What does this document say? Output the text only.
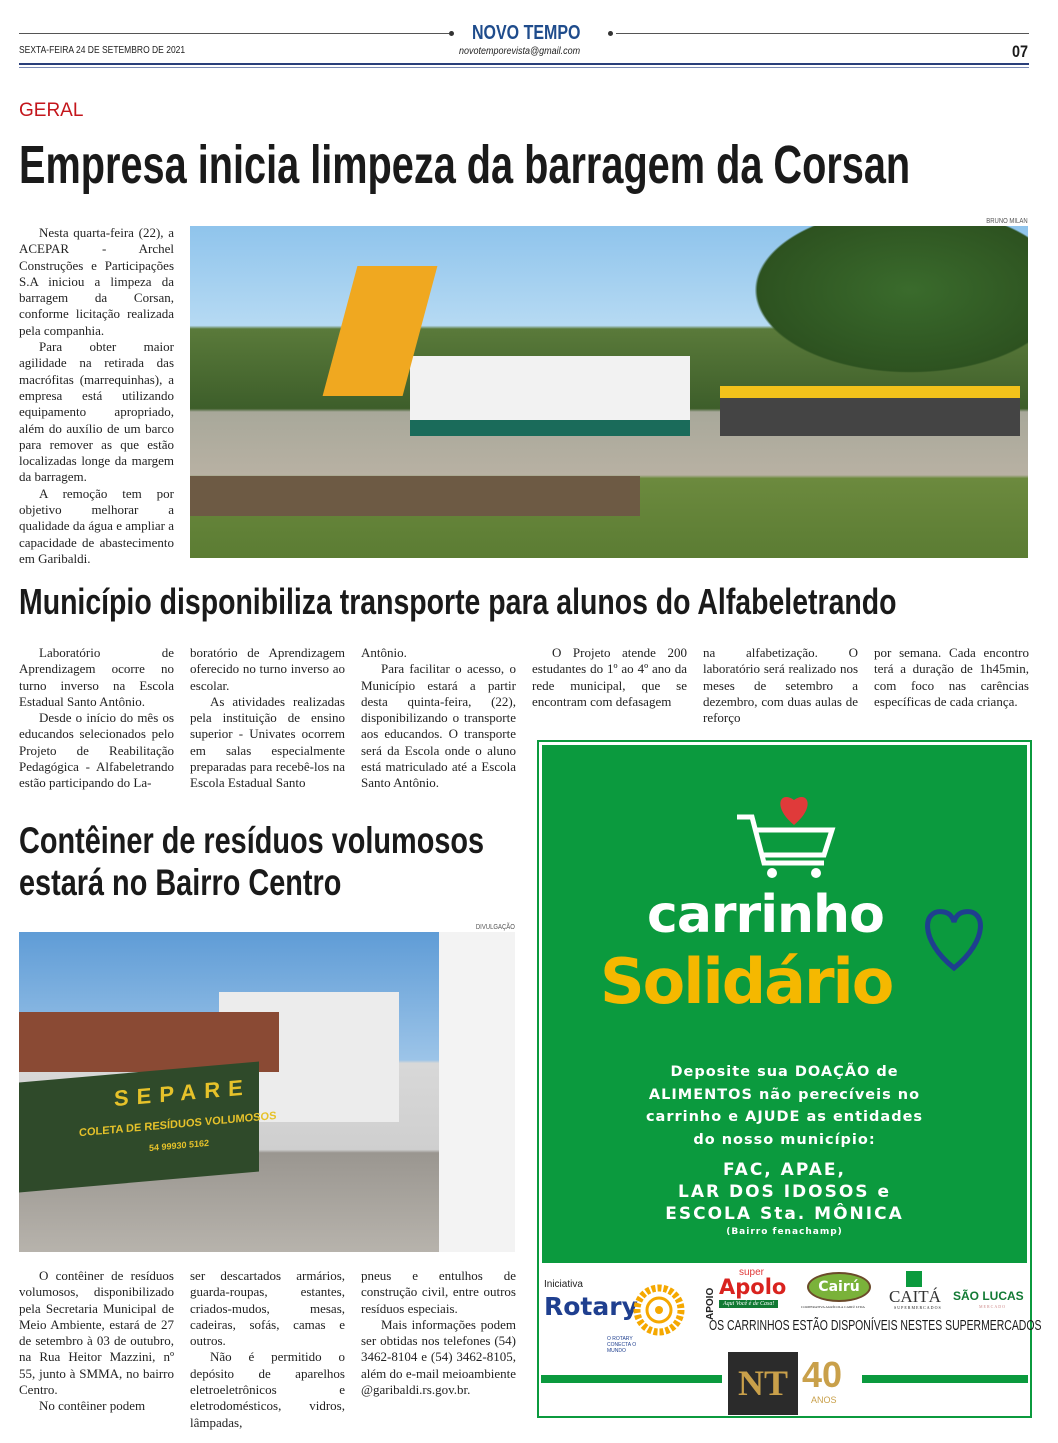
NOVO TEMPO
SEXTA-FEIRA 24 DE SETEMBRO DE 2021	novotemporevista@gmail.com	07
GERAL
Empresa inicia limpeza da barragem da Corsan

Nesta quarta-feira (22), a ACEPAR - Archel Construções e Participações S.A iniciou a limpeza da barragem da Corsan, conforme licitação realizada pela companhia.

Para obter maior agilidade na retirada das macrófitas (marrequinhas), a empresa está utilizando equipamento apropriado, além do auxílio de um barco para remover as que estão localizadas longe da margem da barragem.

A remoção tem por objetivo melhorar a qualidade da água e ampliar a capacidade de abastecimento em Garibaldi.

BRUNO MILAN
Município disponibiliza transporte para alunos do Alfabeletrando

Laboratório de Aprendizagem ocorre no turno inverso na Escola Estadual Santo Antônio.

Desde o início do mês os educandos selecionados pelo Projeto de Reabilitação Pedagógica - Alfabeletrando estão participando do La-

boratório de Aprendizagem oferecido no turno inverso ao escolar.

As atividades realizadas pela instituição de ensino superior - Univates ocorrem em salas especialmente preparadas para recebê-los na Escola Estadual Santo

Antônio.

Para facilitar o acesso, o Município estará a partir desta quinta-feira, (22), disponibilizando o transporte aos educandos. O transporte será da Escola onde o aluno está matriculado até a Escola Santo Antônio.

O Projeto atende 200 estudantes do 1º ao 4º ano da rede municipal, que se encontram com defasagem

na alfabetização. O laboratório será realizado nos meses de setembro a dezembro, com duas aulas de reforço

por semana. Cada encontro terá a duração de 1h45min, com foco nas carências específicas de cada criança.

Contêiner de resíduos volumosos
estará no Bairro Centro
DIVULGAÇÃO
SEPARE
COLETA DE RESÍDUOS VOLUMOSOS
54 99930 5162

O contêiner de resíduos volumosos, disponibilizado pela Secretaria Municipal de Meio Ambiente, estará de 27 de setembro à 03 de outubro, na Rua Heitor Mazzini, nº 55, junto à SMMA, no bairro Centro.

No contêiner podem

ser descartados armários, guarda-roupas, estantes, criados-mudos, mesas, cadeiras, sofás, camas e outros.

Não é permitido o depósito de aparelhos eletroeletrônicos e eletrodomésticos, vidros, lâmpadas,

pneus e entulhos de construção civil, entre outros resíduos especiais.

Mais informações podem ser obtidas nos telefones (54) 3462-8104 e (54) 3462-8105, além do e-mail meioambiente@garibaldi.rs.gov.br.

carrinho
Solidário
Deposite sua DOAÇÃO de
ALIMENTOS não perecíveis no
carrinho e AJUDE as entidades
do nosso município:
FAC, APAE,
LAR DOS IDOSOS e
ESCOLA Sta. MÔNICA
(Bairro fenachamp)
Iniciativa
Rotary
O ROTARY CONECTA O MUNDO
APOIO
super
Apolo
Aqui Você é de Casa!
Cairú
COOPERATIVA AGRÍCOLA CAIRÚ LTDA
CAITÁ
SUPERMERCADOS
SÃO LUCAS
MERCADO
OS CARRINHOS ESTÃO DISPONÍVEIS NESTES SUPERMERCADOS
NT 40
ANOS
